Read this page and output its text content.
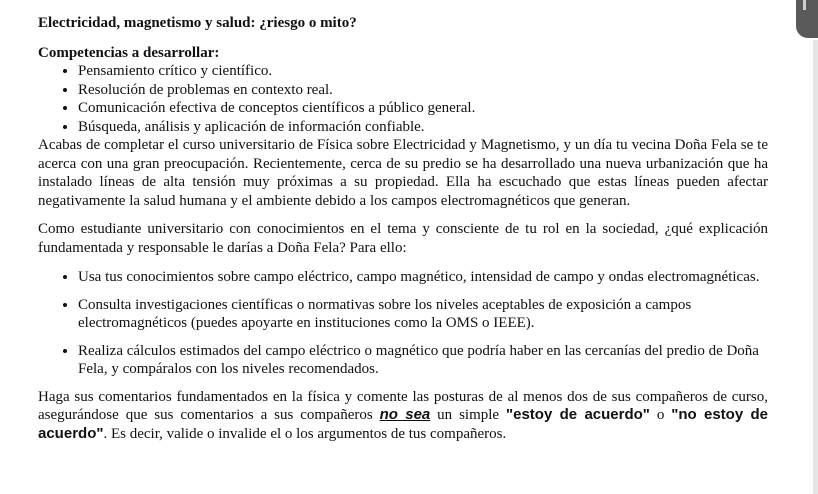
Electricidad, magnetismo y salud: ¿riesgo o mito?
Competencias a desarrollar:
• Pensamiento crítico y científico.
• Resolución de problemas en contexto real.
• Comunicación efectiva de conceptos científicos a público general.
• Búsqueda, análisis y aplicación de información confiable.

Acabas de completar el curso universitario de Física sobre Electricidad y Magnetismo, y un día tu vecina Doña Fela se te acerca con una gran preocupación. Recientemente, cerca de su predio se ha desarrollado una nueva urbanización que ha instalado líneas de alta tensión muy próximas a su propiedad. Ella ha escuchado que estas líneas pueden afectar negativamente la salud humana y el ambiente debido a los campos electromagnéticos que generan.

Como estudiante universitario con conocimientos en el tema y consciente de tu rol en la sociedad, ¿qué explicación fundamentada y responsable le darías a Doña Fela? Para ello:

• Usa tus conocimientos sobre campo eléctrico, campo magnético, intensidad de campo y ondas electromagnéticas.
• Consulta investigaciones científicas o normativas sobre los niveles aceptables de exposición a campos electromagnéticos (puedes apoyarte en instituciones como la OMS o IEEE).
• Realiza cálculos estimados del campo eléctrico o magnético que podría haber en las cercanías del predio de Doña Fela, y compáralos con los niveles recomendados.

Haga sus comentarios fundamentados en la física y comente las posturas de al menos dos de sus compañeros de curso, asegurándose que sus comentarios a sus compañeros no sea un simple "estoy de acuerdo" o "no estoy de acuerdo". Es decir, valide o invalide el o los argumentos de tus compañeros.
